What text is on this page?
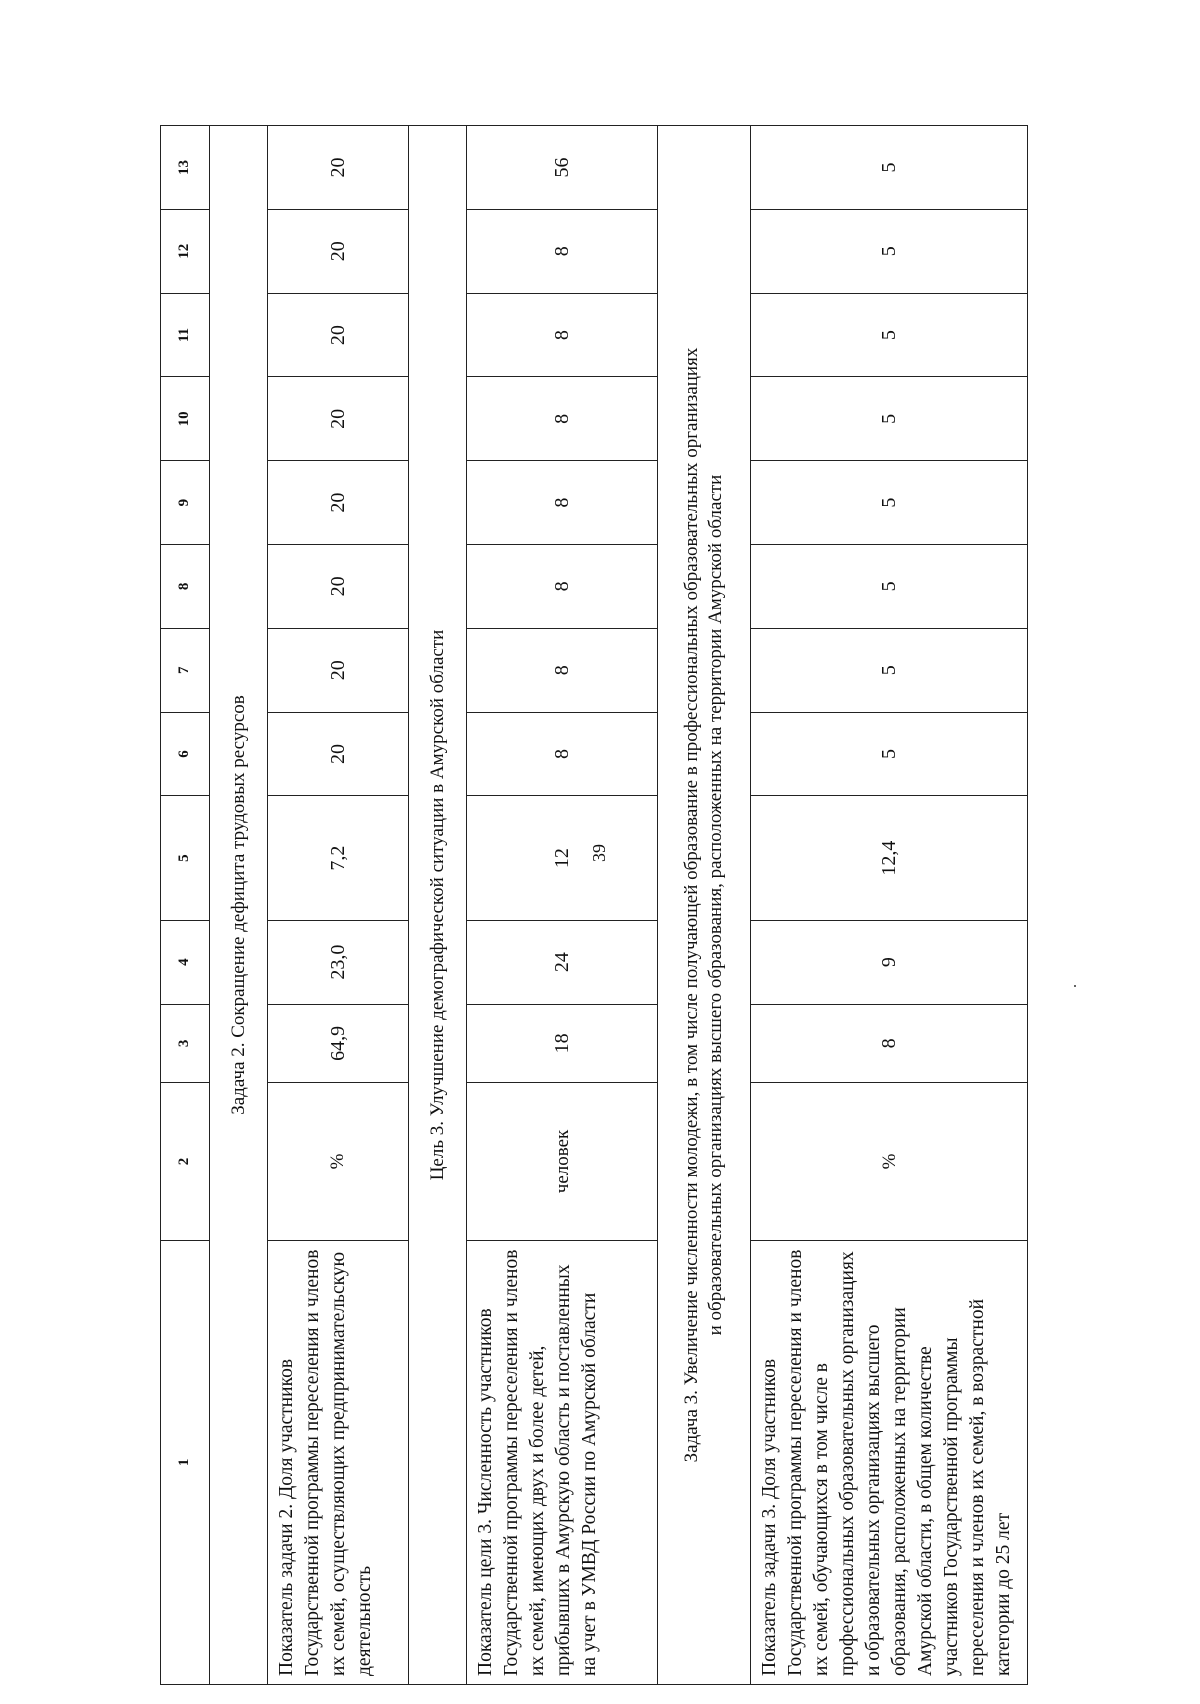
39
1	2	3	4	5	6	7	8	9	10	11	12	13
Задача 2. Сокращение дефицита трудовых ресурсов												
Показатель задачи 2. Доля участников Государственной программы переселения и членов их семей, осуществляющих предпринимательскую деятельность	%	64,9	23,0	7,2	20	20	20	20	20	20	20	20
Цель 3. Улучшение демографической ситуации в Амурской области												
Показатель цели 3. Численность участников Государственной программы переселения и членов их семей, имеющих двух и более детей, прибывших в Амурскую область и поставленных на учет в УМВД России по Амурской области	человек	18	24	12	8	8	8	8	8	8	8	56

Задача 3. Увеличение численности молодежи, в том числе получающей образование в профессиональных образовательных организациях и образовательных организациях высшего образования, расположенных на территории Амурской области												

Показатель задачи 3. Доля участников Государственной программы переселения и членов их семей, обучающихся в том числе в профессиональных образовательных организациях и образовательных организациях высшего образования, расположенных на территории Амурской области, в общем количестве участников Государственной программы переселения и членов их семей, в возрастной категории до 25 лет	%	8	9	12,4	5	5	5	5	5	5	5	5
